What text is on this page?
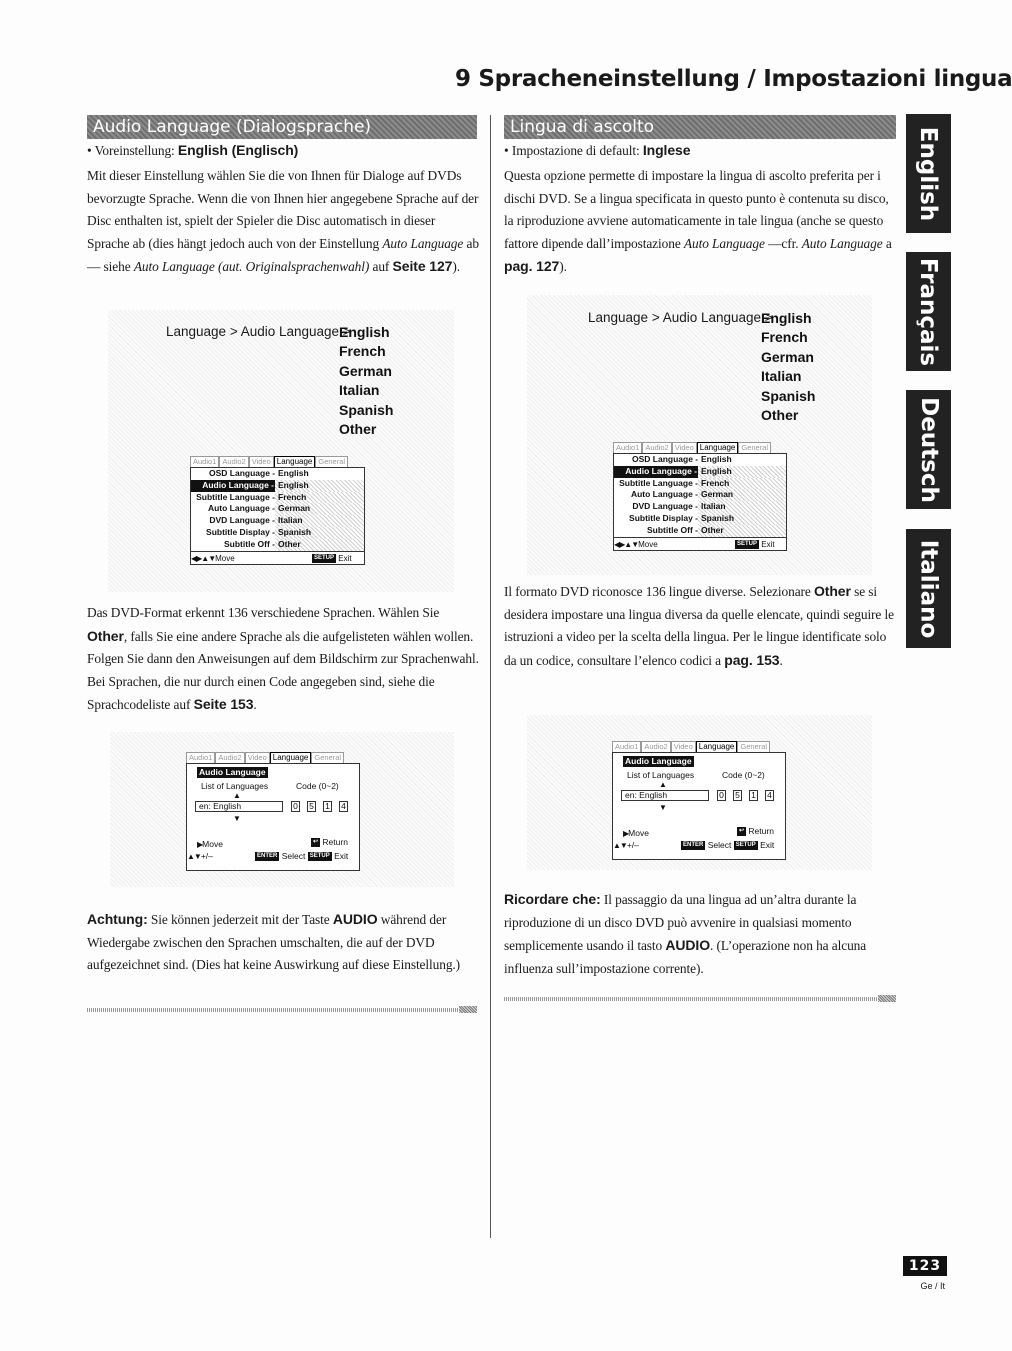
9 Spracheneinstellung / Impostazioni lingua
Audio Language (Dialogsprache)
• Voreinstellung: English (Englisch)

Mit dieser Einstellung wählen Sie die von Ihnen für Dialoge auf DVDs bevorzugte Sprache. Wenn die von Ihnen hier angegebene Sprache auf der Disc enthalten ist, spielt der Spieler die Disc automatisch in dieser Sprache ab (dies hängt jedoch auch von der Einstellung Auto Language ab — siehe Auto Language (aut. Originalsprachenwahl) auf Seite 127).

Language > Audio Language >
English
French
German
Italian
Spanish
Other
Audio1 Audio2 Video Language General
OSD Language - English
Audio Language - English
Subtitle Language - French
Auto Language - German
DVD Language - Italian
Subtitle Display - Spanish
Subtitle Off - Other
◀▶▲▼Move	SETUP Exit

Das DVD-Format erkennt 136 verschiedene Sprachen. Wählen Sie Other, falls Sie eine andere Sprache als die aufgelisteten wählen wollen. Folgen Sie dann den Anweisungen auf dem Bildschirm zur Sprachenwahl. Bei Sprachen, die nur durch einen Code angegeben sind, siehe die Sprachcodeliste auf Seite 153.

Audio1 Audio2 Video Language General
Audio Language
List of Languages	Code (0~2)
▲
en: English	0 5 1 4
▼
▶Move	↩ Return
▲▼+/–	ENTER Select SETUP Exit

Achtung: Sie können jederzeit mit der Taste AUDIO während der Wiedergabe zwischen den Sprachen umschalten, die auf der DVD aufgezeichnet sind. (Dies hat keine Auswirkung auf diese Einstellung.)

Lingua di ascolto
• Impostazione di default: Inglese

Questa opzione permette di impostare la lingua di ascolto preferita per i dischi DVD. Se a lingua specificata in questo punto è contenuta su disco, la riproduzione avviene automaticamente in tale lingua (anche se questo fattore dipende dall’impostazione Auto Language —cfr. Auto Language a pag. 127).

Language > Audio Language >
English
French
German
Italian
Spanish
Other
Audio1 Audio2 Video Language General
OSD Language - English
Audio Language - English
Subtitle Language - French
Auto Language - German
DVD Language - Italian
Subtitle Display - Spanish
Subtitle Off - Other
◀▶▲▼Move	SETUP Exit

Il formato DVD riconosce 136 lingue diverse. Selezionare Other se si desidera impostare una lingua diversa da quelle elencate, quindi seguire le istruzioni a video per la scelta della lingua. Per le lingue identificate solo da un codice, consultare l’elenco codici a pag. 153.

Audio1 Audio2 Video Language General
Audio Language
List of Languages	Code (0~2)
▲
en: English	0 5 1 4
▼
▶Move	↩ Return
▲▼+/–	ENTER Select SETUP Exit

Ricordare che: Il passaggio da una lingua ad un’altra durante la riproduzione di un disco DVD può avvenire in qualsiasi momento semplicemente usando il tasto AUDIO. (L’operazione non ha alcuna influenza sull’impostazione corrente).

English
Français
Deutsch
Italiano
123
Ge / It
